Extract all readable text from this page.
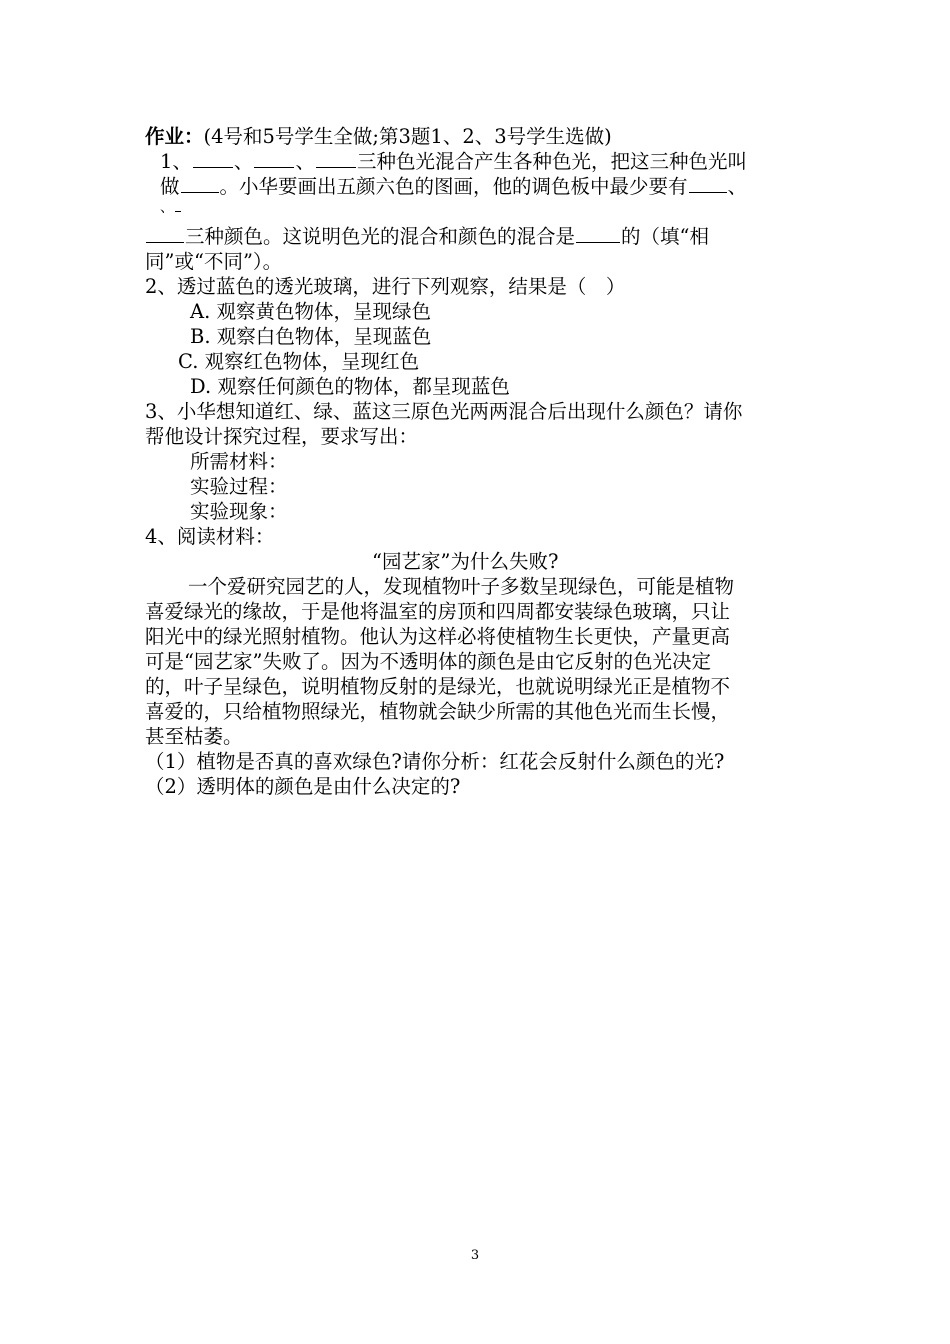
作业：(4号和5号学生全做;第3题1、2、3号学生选做)
1、 、 、 三种色光混合产生各种色光，把这三种色光叫
做 。小华要画出五颜六色的图画，他的调色板中最少要有 、
、
三种颜色。这说明色光的混合和颜色的混合是 的（填“相
同”或“不同”）。
2、透过蓝色的透光玻璃，进行下列观察，结果是（　）
A. 观察黄色物体，呈现绿色
B. 观察白色物体，呈现蓝色
C. 观察红色物体，呈现红色
D. 观察任何颜色的物体，都呈现蓝色
3、小华想知道红、绿、蓝这三原色光两两混合后出现什么颜色？请你
帮他设计探究过程，要求写出：
所需材料：
实验过程：
实验现象：
4、阅读材料：
“园艺家”为什么失败?
一个爱研究园艺的人，发现植物叶子多数呈现绿色，可能是植物
喜爱绿光的缘故，于是他将温室的房顶和四周都安装绿色玻璃，只让
阳光中的绿光照射植物。他认为这样必将使植物生长更快，产量更高
可是“园艺家”失败了。因为不透明体的颜色是由它反射的色光决定
的，叶子呈绿色，说明植物反射的是绿光，也就说明绿光正是植物不
喜爱的，只给植物照绿光，植物就会缺少所需的其他色光而生长慢，
甚至枯萎。
（1）植物是否真的喜欢绿色?请你分析：红花会反射什么颜色的光?
（2）透明体的颜色是由什么决定的?
3
